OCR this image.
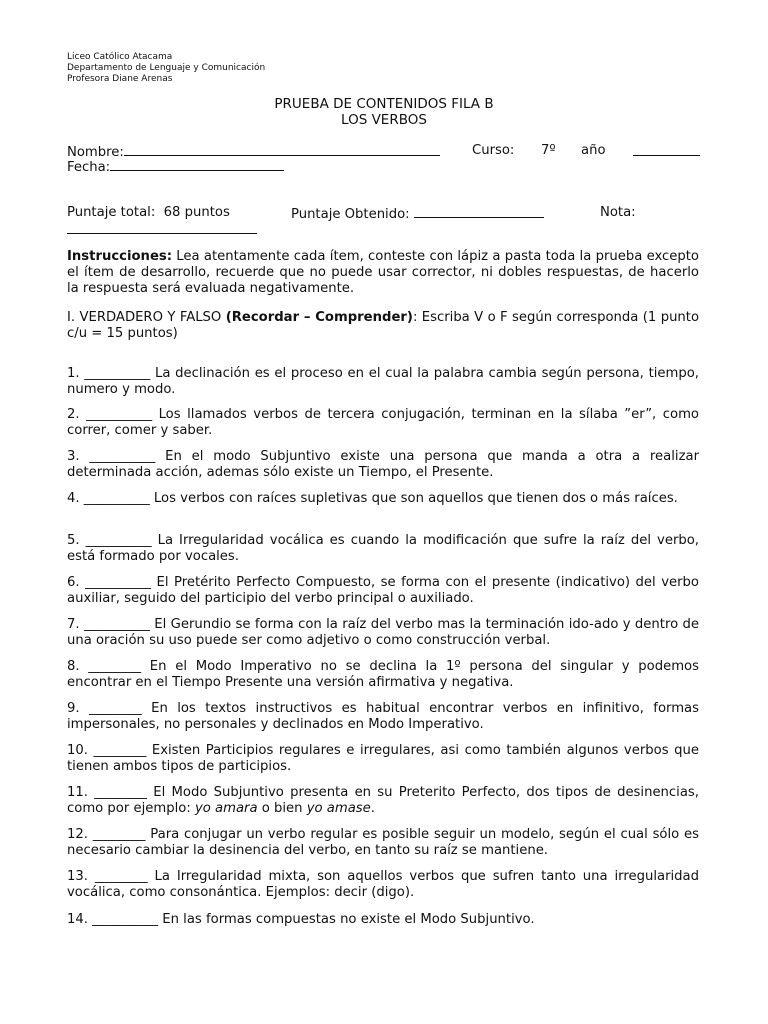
Liceo Católico Atacama
Departamento de Lenguaje y Comunicación
Profesora Diane Arenas
PRUEBA DE CONTENIDOS FILA B
LOS VERBOS
Nombre:	Curso: 7º año
Fecha:
Puntaje total: 68 puntos	Puntaje Obtenido:	Nota:
Instrucciones: Lea atentamente cada ítem, conteste con lápiz a pasta toda la prueba excepto el ítem de desarrollo, recuerde que no puede usar corrector, ni dobles respuestas, de hacerlo la respuesta será evaluada negativamente.
I. VERDADERO Y FALSO (Recordar – Comprender): Escriba V o F según corresponda (1 punto c/u = 15 puntos)
1. __________ La declinación es el proceso en el cual la palabra cambia según persona, tiempo, numero y modo.
2. __________ Los llamados verbos de tercera conjugación, terminan en la sílaba ”er”, como correr, comer y saber.
3. __________ En el modo Subjuntivo existe una persona que manda a otra a realizar determinada acción, ademas sólo existe un Tiempo, el Presente.
4. __________ Los verbos con raíces supletivas que son aquellos que tienen dos o más raíces.
5. __________ La Irregularidad vocálica es cuando la modificación que sufre la raíz del verbo, está formado por vocales.
6. __________ El Pretérito Perfecto Compuesto, se forma con el presente (indicativo) del verbo auxiliar, seguido del participio del verbo principal o auxiliado.
7. __________ El Gerundio se forma con la raíz del verbo mas la terminación ido-ado y dentro de una oración su uso puede ser como adjetivo o como construcción verbal.
8. ________ En el Modo Imperativo no se declina la 1º persona del singular y podemos encontrar en el Tiempo Presente una versión afirmativa y negativa.
9. ________ En los textos instructivos es habitual encontrar verbos en infinitivo, formas impersonales, no personales y declinados en Modo Imperativo.
10. ________ Existen Participios regulares e irregulares, asi como también algunos verbos que tienen ambos tipos de participios.
11. ________ El Modo Subjuntivo presenta en su Preterito Perfecto, dos tipos de desinencias, como por ejemplo: yo amara o bien yo amase.
12. ________ Para conjugar un verbo regular es posible seguir un modelo, según el cual sólo es necesario cambiar la desinencia del verbo, en tanto su raíz se mantiene.
13. ________ La Irregularidad mixta, son aquellos verbos que sufren tanto una irregularidad vocálica, como consonántica. Ejemplos: decir (digo).
14. __________ En las formas compuestas no existe el Modo Subjuntivo.
